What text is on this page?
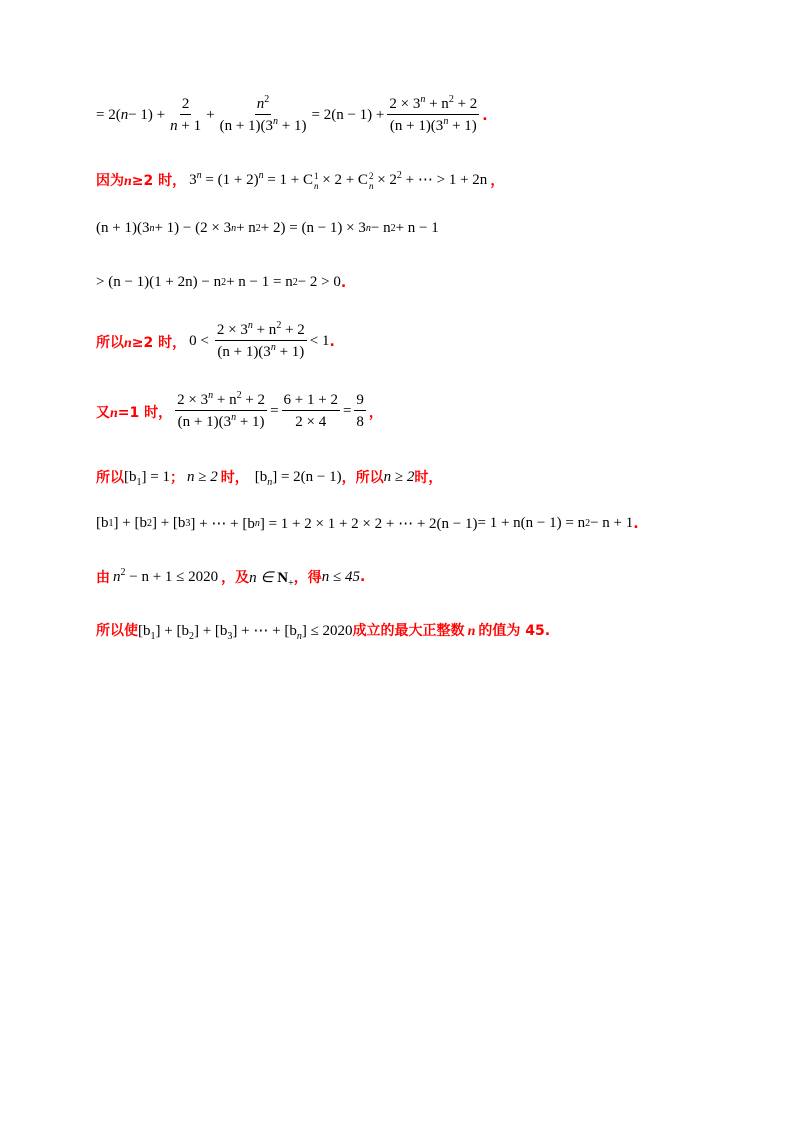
= 2( $n - 1) + \frac{2}{n + 1} + \frac{n^2}{(n + 1)(3^n + 1)} = 2(n - 1) + \frac{2 \times 3^n + n^2 + 2}{(n + 1)(3^n + 1)}$ .
因为n≥2 时， $3^n = (1 + 2)^n = 1 + C$ 1
n × 2 + C 2
$n \times 2^2$ + ⋯ > 1 + 2n ，
(n + 1)(3 n + 1) − (2 × 3 n + n 2 + 2) = (n − 1) × 3 n − n 2 + n − 1
> (n − 1)(1 + 2n) − n 2 + n − 1 = n 2 − 2 > 0 .
所以n≥2 时， $0 < \frac{2 \times 3^n + n^2 + 2}{(n + 1)(3^n + 1)} < 1$ .
又n=1 时， $\frac{2 \times 3^n + n^2 + 2}{(n + 1)(3^n + 1)} = \frac{6 + 1 + 2}{2 \times 4} = \frac{9}{8}$ ，
所以 $[b_1] = 1$ ； n ≥ 2 时， $[b_n] = 2(n - 1)$ ，所以 n ≥ 2 时，
[b 1 ] + [b 2 ] + [b 3 ] + ⋯ + [b n ] = 1 + 2 × 1 + 2 × 2 + ⋯ + 2(n − 1) = 1 + n(n − 1) = n 2 − n + 1 .
由 $n^2 - n + 1 \le 2020$ ，及 n ∈ $N_+$ ，得 n ≤ 45 .
所以使 $[b_1] + [b_2] + [b_3]$ + ⋯ + $[b_n] \le 2020$ 成立的最大正整数 n 的值为 45.
